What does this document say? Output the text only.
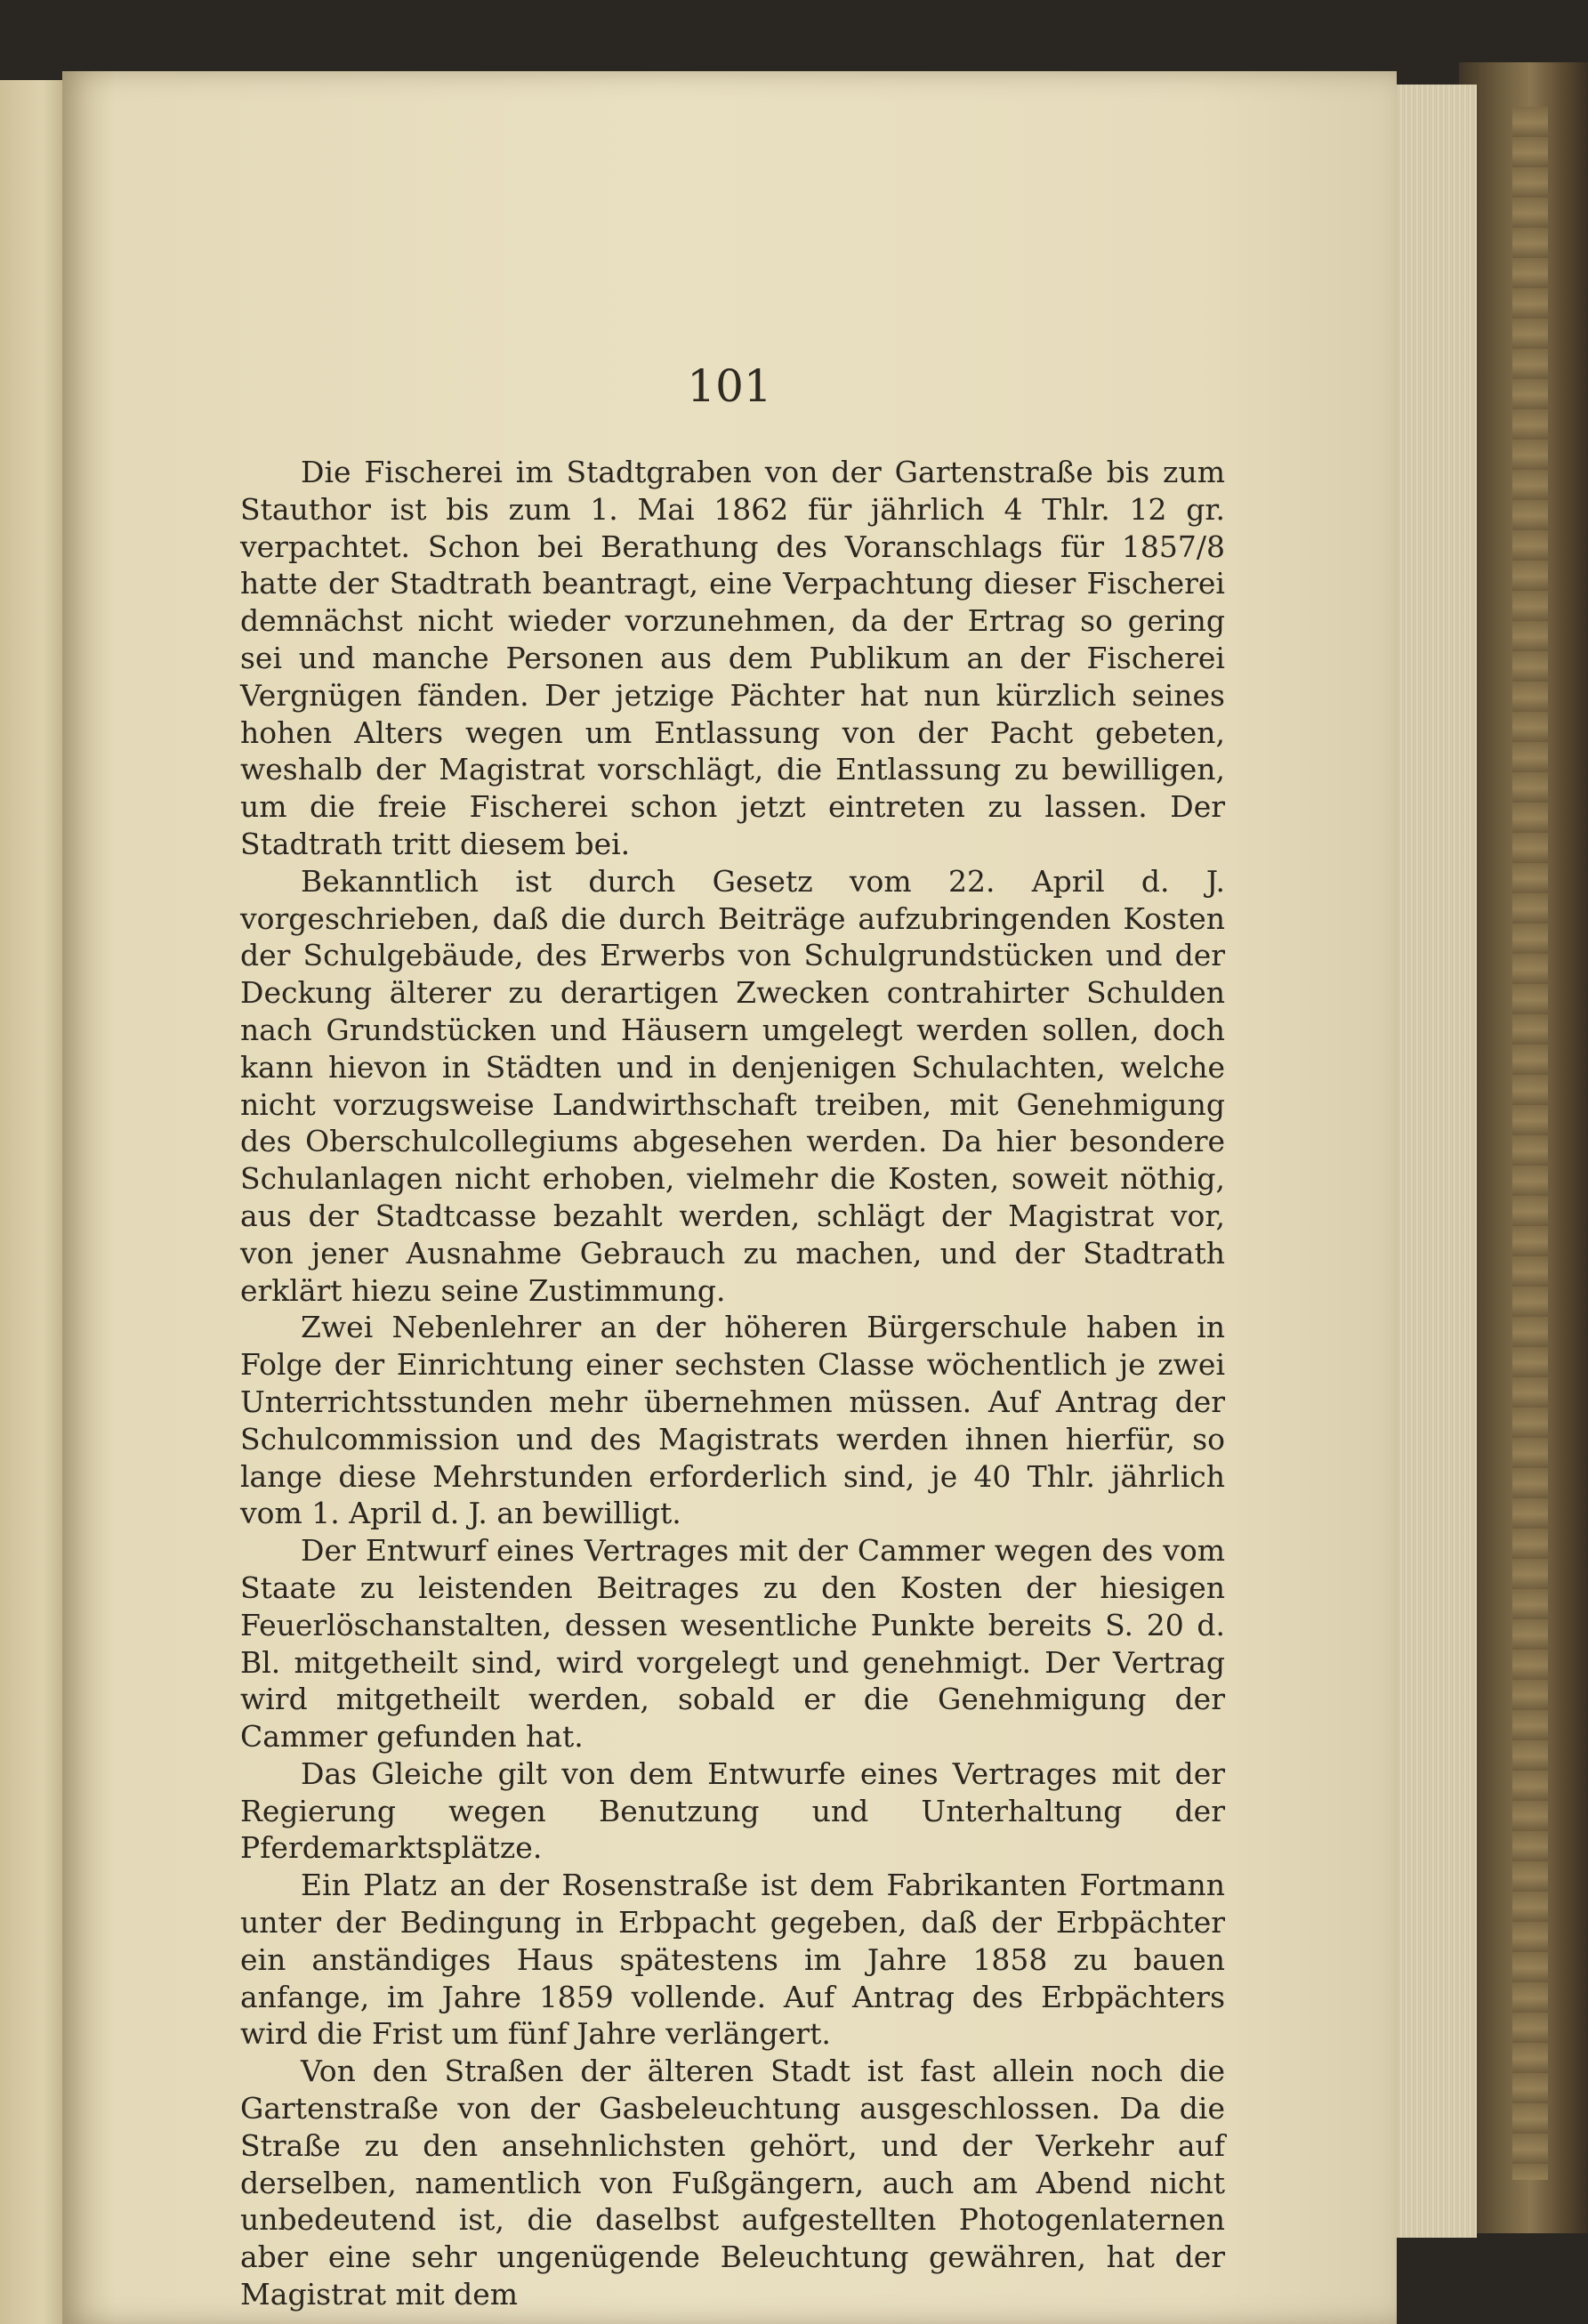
101

Die Fischerei im Stadtgraben von der Gartenstraße bis zum Stauthor ist bis zum 1. Mai 1862 für jährlich 4 Thlr. 12 gr. verpachtet. Schon bei Berathung des Voranschlags für 1857/8 hatte der Stadtrath beantragt, eine Verpachtung dieser Fischerei demnächst nicht wieder vorzunehmen, da der Ertrag so gering sei und manche Personen aus dem Publikum an der Fischerei Vergnügen fänden. Der jetzige Pächter hat nun kürzlich seines hohen Alters wegen um Entlassung von der Pacht gebeten, weshalb der Magistrat vorschlägt, die Entlassung zu bewilligen, um die freie Fischerei schon jetzt eintreten zu lassen. Der Stadtrath tritt diesem bei.

Bekanntlich ist durch Gesetz vom 22. April d. J. vorgeschrieben, daß die durch Beiträge aufzubringenden Kosten der Schulgebäude, des Erwerbs von Schulgrundstücken und der Deckung älterer zu derartigen Zwecken contrahirter Schulden nach Grundstücken und Häusern umgelegt werden sollen, doch kann hievon in Städten und in denjenigen Schulachten, welche nicht vorzugsweise Landwirthschaft treiben, mit Genehmigung des Oberschulcollegiums abgesehen werden. Da hier besondere Schulanlagen nicht erhoben, vielmehr die Kosten, soweit nöthig, aus der Stadtcasse bezahlt werden, schlägt der Magistrat vor, von jener Ausnahme Gebrauch zu machen, und der Stadtrath erklärt hiezu seine Zustimmung.

Zwei Nebenlehrer an der höheren Bürgerschule haben in Folge der Einrichtung einer sechsten Classe wöchentlich je zwei Unterrichtsstunden mehr übernehmen müssen. Auf Antrag der Schulcommission und des Magistrats werden ihnen hierfür, so lange diese Mehrstunden erforderlich sind, je 40 Thlr. jährlich vom 1. April d. J. an bewilligt.

Der Entwurf eines Vertrages mit der Cammer wegen des vom Staate zu leistenden Beitrages zu den Kosten der hiesigen Feuerlöschanstalten, dessen wesentliche Punkte bereits S. 20 d. Bl. mitgetheilt sind, wird vorgelegt und genehmigt. Der Vertrag wird mitgetheilt werden, sobald er die Genehmigung der Cammer gefunden hat.

Das Gleiche gilt von dem Entwurfe eines Vertrages mit der Regierung wegen Benutzung und Unterhaltung der Pferdemarktsplätze.

Ein Platz an der Rosenstraße ist dem Fabrikanten Fortmann unter der Bedingung in Erbpacht gegeben, daß der Erbpächter ein anständiges Haus spätestens im Jahre 1858 zu bauen anfange, im Jahre 1859 vollende. Auf Antrag des Erbpächters wird die Frist um fünf Jahre verlängert.

Von den Straßen der älteren Stadt ist fast allein noch die Gartenstraße von der Gasbeleuchtung ausgeschlossen. Da die Straße zu den ansehnlichsten gehört, und der Verkehr auf derselben, namentlich von Fußgängern, auch am Abend nicht unbedeutend ist, die daselbst aufgestellten Photogenlaternen aber eine sehr ungenügende Beleuchtung gewähren, hat der Magistrat mit dem
